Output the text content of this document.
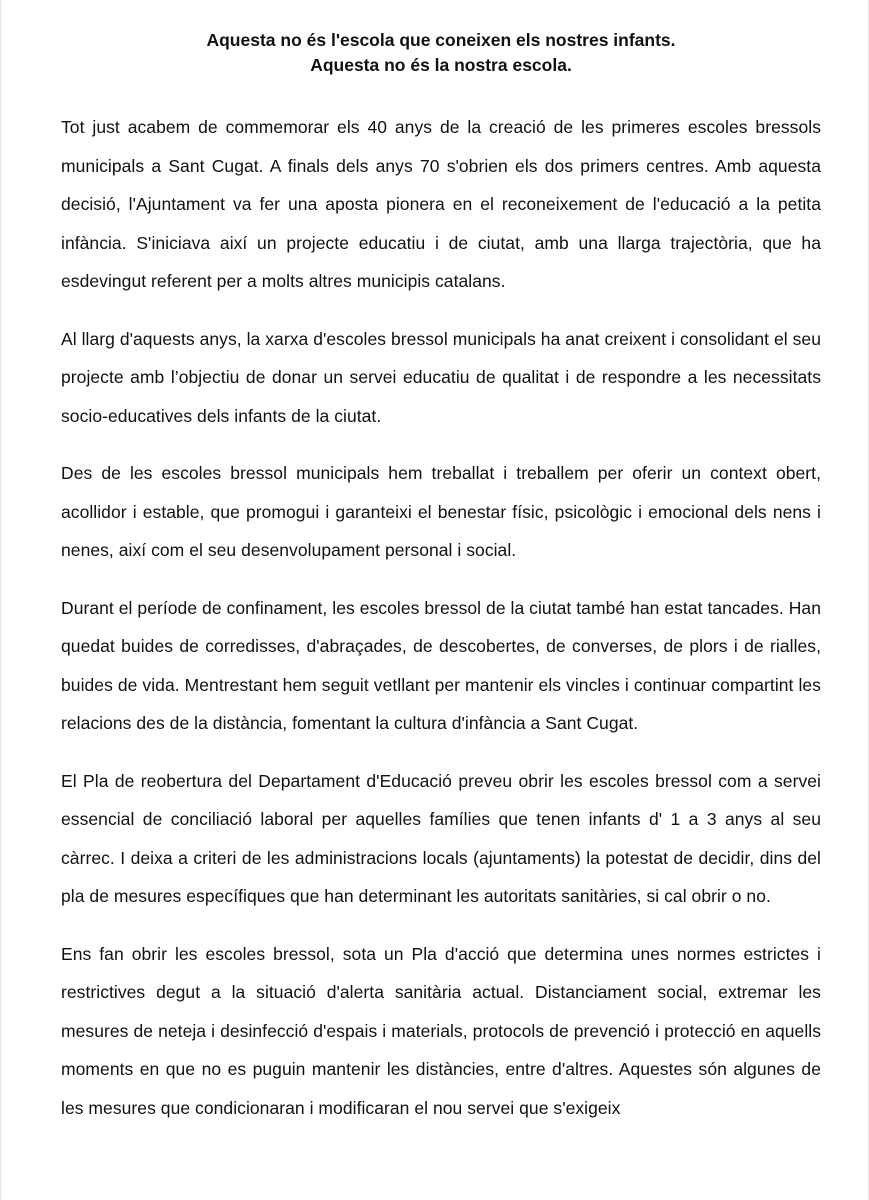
Aquesta no és l'escola que coneixen els nostres infants.
Aquesta no és la nostra escola.

Tot just acabem de commemorar els 40 anys de la creació de les primeres escoles bressols municipals a Sant Cugat. A finals dels anys 70 s'obrien els dos primers centres. Amb aquesta decisió, l'Ajuntament va fer una aposta pionera en el reconeixement de l'educació a la petita infància. S'iniciava així un projecte educatiu i de ciutat, amb una llarga trajectòria, que ha esdevingut referent per a molts altres municipis catalans.

Al llarg d'aquests anys, la xarxa d'escoles bressol municipals ha anat creixent i consolidant el seu projecte amb l’objectiu de donar un servei educatiu de qualitat i de respondre a les necessitats socio-educatives dels infants de la ciutat.

Des de les escoles bressol municipals hem treballat i treballem per oferir un context obert, acollidor i estable, que promogui i garanteixi el benestar físic, psicològic i emocional dels nens i nenes, així com el seu desenvolupament personal i social.

Durant el període de confinament, les escoles bressol de la ciutat també han estat tancades. Han quedat buides de corredisses, d'abraçades, de descobertes, de converses, de plors i de rialles, buides de vida. Mentrestant hem seguit vetllant per mantenir els vincles i continuar compartint les relacions des de la distància, fomentant la cultura d'infància a Sant Cugat.

El Pla de reobertura del Departament d'Educació preveu obrir les escoles bressol com a servei essencial de conciliació laboral per aquelles famílies que tenen infants d' 1 a 3 anys al seu càrrec. I deixa a criteri de les administracions locals (ajuntaments) la potestat de decidir, dins del pla de mesures específiques que han determinant les autoritats sanitàries, si cal obrir o no.

Ens fan obrir les escoles bressol, sota un Pla d'acció que determina unes normes estrictes i restrictives degut a la situació d'alerta sanitària actual. Distanciament social, extremar les mesures de neteja i desinfecció d'espais i materials, protocols de prevenció i protecció en aquells moments en que no es puguin mantenir les distàncies, entre d'altres. Aquestes són algunes de les mesures que condicionaran i modificaran el nou servei que s'exigeix
